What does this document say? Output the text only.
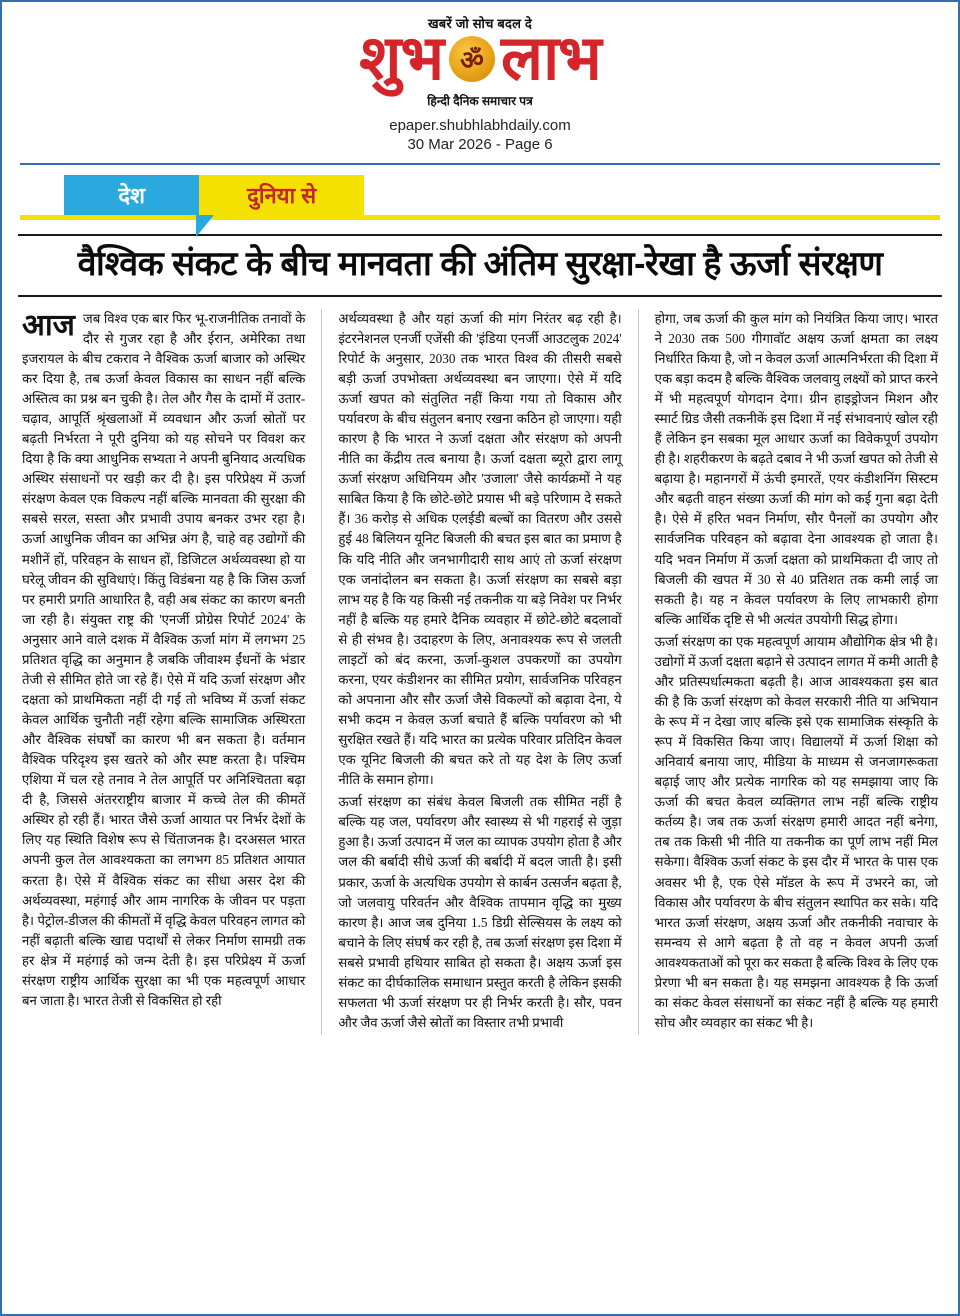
खबरें जो सोच बदल दे
शुभ ॐ लाभ
हिन्दी दैनिक समाचार पत्र
epaper.shubhlabhdaily.com
30 Mar 2026 - Page 6
देश	दुनिया से
वैश्विक संकट के बीच मानवता की अंतिम सुरक्षा-रेखा है ऊर्जा संरक्षण
आज जब विश्व एक बार फिर भू-राजनीतिक तनावों के दौर से गुजर रहा है और ईरान, अमेरिका तथा इजरायल के बीच टकराव ने वैश्विक ऊर्जा बाजार को अस्थिर कर दिया है, तब ऊर्जा केवल विकास का साधन नहीं बल्कि अस्तित्व का प्रश्न बन चुकी है। तेल और गैस के दामों में उतार-चढ़ाव, आपूर्ति श्रृंखलाओं में व्यवधान और ऊर्जा स्रोतों पर बढ़ती निर्भरता ने पूरी दुनिया को यह सोचने पर विवश कर दिया है कि क्या आधुनिक सभ्यता ने अपनी बुनियाद अत्यधिक अस्थिर संसाधनों पर खड़ी कर दी है। इस परिप्रेक्ष्य में ऊर्जा संरक्षण केवल एक विकल्प नहीं बल्कि मानवता की सुरक्षा की सबसे सरल, सस्ता और प्रभावी उपाय बनकर उभर रहा है। ऊर्जा आधुनिक जीवन का अभिन्न अंग है, चाहे वह उद्योगों की मशीनें हों, परिवहन के साधन हों, डिजिटल अर्थव्यवस्था हो या घरेलू जीवन की सुविधाएं। किंतु विडंबना यह है कि जिस ऊर्जा पर हमारी प्रगति आधारित है, वही अब संकट का कारण बनती जा रही है। संयुक्त राष्ट्र की 'एनर्जी प्रोग्रेस रिपोर्ट 2024' के अनुसार आने वाले दशक में वैश्विक ऊर्जा मांग में लगभग 25 प्रतिशत वृद्धि का अनुमान है जबकि जीवाश्म ईंधनों के भंडार तेजी से सीमित होते जा रहे हैं। ऐसे में यदि ऊर्जा संरक्षण और दक्षता को प्राथमिकता नहीं दी गई तो भविष्य में ऊर्जा संकट केवल आर्थिक चुनौती नहीं रहेगा बल्कि सामाजिक अस्थिरता और वैश्विक संघर्षों का कारण भी बन सकता है। वर्तमान वैश्विक परिदृश्य इस खतरे को और स्पष्ट करता है। पश्चिम एशिया में चल रहे तनाव ने तेल आपूर्ति पर अनिश्चितता बढ़ा दी है, जिससे अंतरराष्ट्रीय बाजार में कच्चे तेल की कीमतें अस्थिर हो रही हैं। भारत जैसे ऊर्जा आयात पर निर्भर देशों के लिए यह स्थिति विशेष रूप से चिंताजनक है। दरअसल भारत अपनी कुल तेल आवश्यकता का लगभग 85 प्रतिशत आयात करता है। ऐसे में वैश्विक संकट का सीधा असर देश की अर्थव्यवस्था, महंगाई और आम नागरिक के जीवन पर पड़ता है। पेट्रोल-डीजल की कीमतों में वृद्धि केवल परिवहन लागत को नहीं बढ़ाती बल्कि खाद्य पदार्थों से लेकर निर्माण सामग्री तक हर क्षेत्र में महंगाई को जन्म देती है। इस परिप्रेक्ष्य में ऊर्जा संरक्षण राष्ट्रीय आर्थिक सुरक्षा का भी एक महत्वपूर्ण आधार बन जाता है। भारत तेजी से विकसित हो रही

अर्थव्यवस्था है और यहां ऊर्जा की मांग निरंतर बढ़ रही है। इंटरनेशनल एनर्जी एजेंसी की 'इंडिया एनर्जी आउटलुक 2024' रिपोर्ट के अनुसार, 2030 तक भारत विश्व की तीसरी सबसे बड़ी ऊर्जा उपभोक्ता अर्थव्यवस्था बन जाएगा। ऐसे में यदि ऊर्जा खपत को संतुलित नहीं किया गया तो विकास और पर्यावरण के बीच संतुलन बनाए रखना कठिन हो जाएगा। यही कारण है कि भारत ने ऊर्जा दक्षता और संरक्षण को अपनी नीति का केंद्रीय तत्व बनाया है। ऊर्जा दक्षता ब्यूरो द्वारा लागू ऊर्जा संरक्षण अधिनियम और 'उजाला' जैसे कार्यक्रमों ने यह साबित किया है कि छोटे-छोटे प्रयास भी बड़े परिणाम दे सकते हैं। 36 करोड़ से अधिक एलईडी बल्बों का वितरण और उससे हुई 48 बिलियन यूनिट बिजली की बचत इस बात का प्रमाण है कि यदि नीति और जनभागीदारी साथ आएं तो ऊर्जा संरक्षण एक जनांदोलन बन सकता है। ऊर्जा संरक्षण का सबसे बड़ा लाभ यह है कि यह किसी नई तकनीक या बड़े निवेश पर निर्भर नहीं है बल्कि यह हमारे दैनिक व्यवहार में छोटे-छोटे बदलावों से ही संभव है। उदाहरण के लिए, अनावश्यक रूप से जलती लाइटों को बंद करना, ऊर्जा-कुशल उपकरणों का उपयोग करना, एयर कंडीशनर का सीमित प्रयोग, सार्वजनिक परिवहन को अपनाना और सौर ऊर्जा जैसे विकल्पों को बढ़ावा देना, ये सभी कदम न केवल ऊर्जा बचाते हैं बल्कि पर्यावरण को भी सुरक्षित रखते हैं। यदि भारत का प्रत्येक परिवार प्रतिदिन केवल एक यूनिट बिजली की बचत करे तो यह देश के लिए ऊर्जा नीति के समान होगा।

ऊर्जा संरक्षण का संबंध केवल बिजली तक सीमित नहीं है बल्कि यह जल, पर्यावरण और स्वास्थ्य से भी गहराई से जुड़ा हुआ है। ऊर्जा उत्पादन में जल का व्यापक उपयोग होता है और जल की बर्बादी सीधे ऊर्जा की बर्बादी में बदल जाती है। इसी प्रकार, ऊर्जा के अत्यधिक उपयोग से कार्बन उत्सर्जन बढ़ता है, जो जलवायु परिवर्तन और वैश्विक तापमान वृद्धि का मुख्य कारण है। आज जब दुनिया 1.5 डिग्री सेल्सियस के लक्ष्य को बचाने के लिए संघर्ष कर रही है, तब ऊर्जा संरक्षण इस दिशा में सबसे प्रभावी हथियार साबित हो सकता है। अक्षय ऊर्जा इस संकट का दीर्घकालिक समाधान प्रस्तुत करती है लेकिन इसकी सफलता भी ऊर्जा संरक्षण पर ही निर्भर करती है। सौर, पवन और जैव ऊर्जा जैसे स्रोतों का विस्तार तभी प्रभावी

होगा, जब ऊर्जा की कुल मांग को नियंत्रित किया जाए। भारत ने 2030 तक 500 गीगावॉट अक्षय ऊर्जा क्षमता का लक्ष्य निर्धारित किया है, जो न केवल ऊर्जा आत्मनिर्भरता की दिशा में एक बड़ा कदम है बल्कि वैश्विक जलवायु लक्ष्यों को प्राप्त करने में भी महत्वपूर्ण योगदान देगा। ग्रीन हाइड्रोजन मिशन और स्मार्ट ग्रिड जैसी तकनीकें इस दिशा में नई संभावनाएं खोल रही हैं लेकिन इन सबका मूल आधार ऊर्जा का विवेकपूर्ण उपयोग ही है। शहरीकरण के बढ़ते दबाव ने भी ऊर्जा खपत को तेजी से बढ़ाया है। महानगरों में ऊंची इमारतें, एयर कंडीशनिंग सिस्टम और बढ़ती वाहन संख्या ऊर्जा की मांग को कई गुना बढ़ा देती है। ऐसे में हरित भवन निर्माण, सौर पैनलों का उपयोग और सार्वजनिक परिवहन को बढ़ावा देना आवश्यक हो जाता है। यदि भवन निर्माण में ऊर्जा दक्षता को प्राथमिकता दी जाए तो बिजली की खपत में 30 से 40 प्रतिशत तक कमी लाई जा सकती है। यह न केवल पर्यावरण के लिए लाभकारी होगा बल्कि आर्थिक दृष्टि से भी अत्यंत उपयोगी सिद्ध होगा।

ऊर्जा संरक्षण का एक महत्वपूर्ण आयाम औद्योगिक क्षेत्र भी है। उद्योगों में ऊर्जा दक्षता बढ़ाने से उत्पादन लागत में कमी आती है और प्रतिस्पर्धात्मकता बढ़ती है। आज आवश्यकता इस बात की है कि ऊर्जा संरक्षण को केवल सरकारी नीति या अभियान के रूप में न देखा जाए बल्कि इसे एक सामाजिक संस्कृति के रूप में विकसित किया जाए। विद्यालयों में ऊर्जा शिक्षा को अनिवार्य बनाया जाए, मीडिया के माध्यम से जनजागरूकता बढ़ाई जाए और प्रत्येक नागरिक को यह समझाया जाए कि ऊर्जा की बचत केवल व्यक्तिगत लाभ नहीं बल्कि राष्ट्रीय कर्तव्य है। जब तक ऊर्जा संरक्षण हमारी आदत नहीं बनेगा, तब तक किसी भी नीति या तकनीक का पूर्ण लाभ नहीं मिल सकेगा। वैश्विक ऊर्जा संकट के इस दौर में भारत के पास एक अवसर भी है, एक ऐसे मॉडल के रूप में उभरने का, जो विकास और पर्यावरण के बीच संतुलन स्थापित कर सके। यदि भारत ऊर्जा संरक्षण, अक्षय ऊर्जा और तकनीकी नवाचार के समन्वय से आगे बढ़ता है तो वह न केवल अपनी ऊर्जा आवश्यकताओं को पूरा कर सकता है बल्कि विश्व के लिए एक प्रेरणा भी बन सकता है। यह समझना आवश्यक है कि ऊर्जा का संकट केवल संसाधनों का संकट नहीं है बल्कि यह हमारी सोच और व्यवहार का संकट भी है।
